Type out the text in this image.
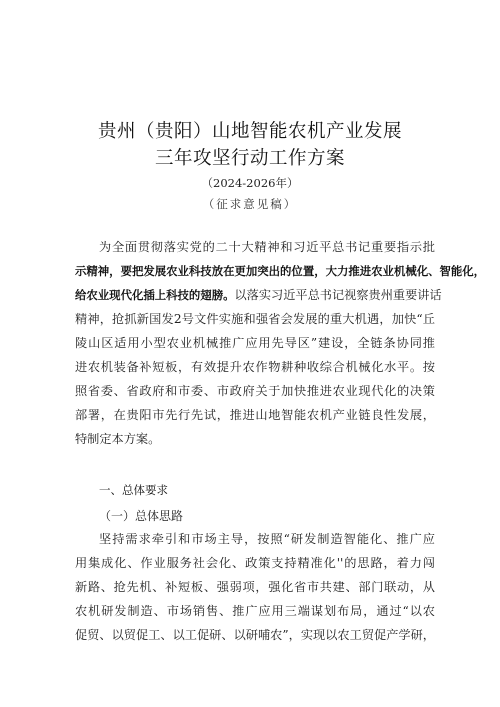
贵州（贵阳）山地智能农机产业发展
三年攻坚行动工作方案
（2024-2026年）
（征求意见稿）
为全面贯彻落实党的二十大精神和习近平总书记重要指示批
示精神，要把发展农业科技放在更加突出的位置，大力推进农业机械化、智能化，
给农业现代化插上科技的翅膀。以落实习近平总书记视察贵州重要讲话
精神，抢抓新国发2号文件实施和强省会发展的重大机遇，加快“丘
陵山区适用小型农业机械推广应用先导区”建设，全链条协同推
进农机装备补短板，有效提升农作物耕种收综合机械化水平。按
照省委、省政府和市委、市政府关于加快推进农业现代化的决策
部署，在贵阳市先行先试，推进山地智能农机产业链良性发展，
特制定本方案。
一、总体要求
（一）总体思路
坚持需求牵引和市场主导，按照“研发制造智能化、推广应
用集成化、作业服务社会化、政策支持精准化''的思路，着力闯
新路、抢先机、补短板、强弱项，强化省市共建、部门联动，从
农机研发制造、市场销售、推广应用三端谋划布局，通过“以农
促贸、以贸促工、以工促研、以研哺农”，实现以农工贸促产学研，
